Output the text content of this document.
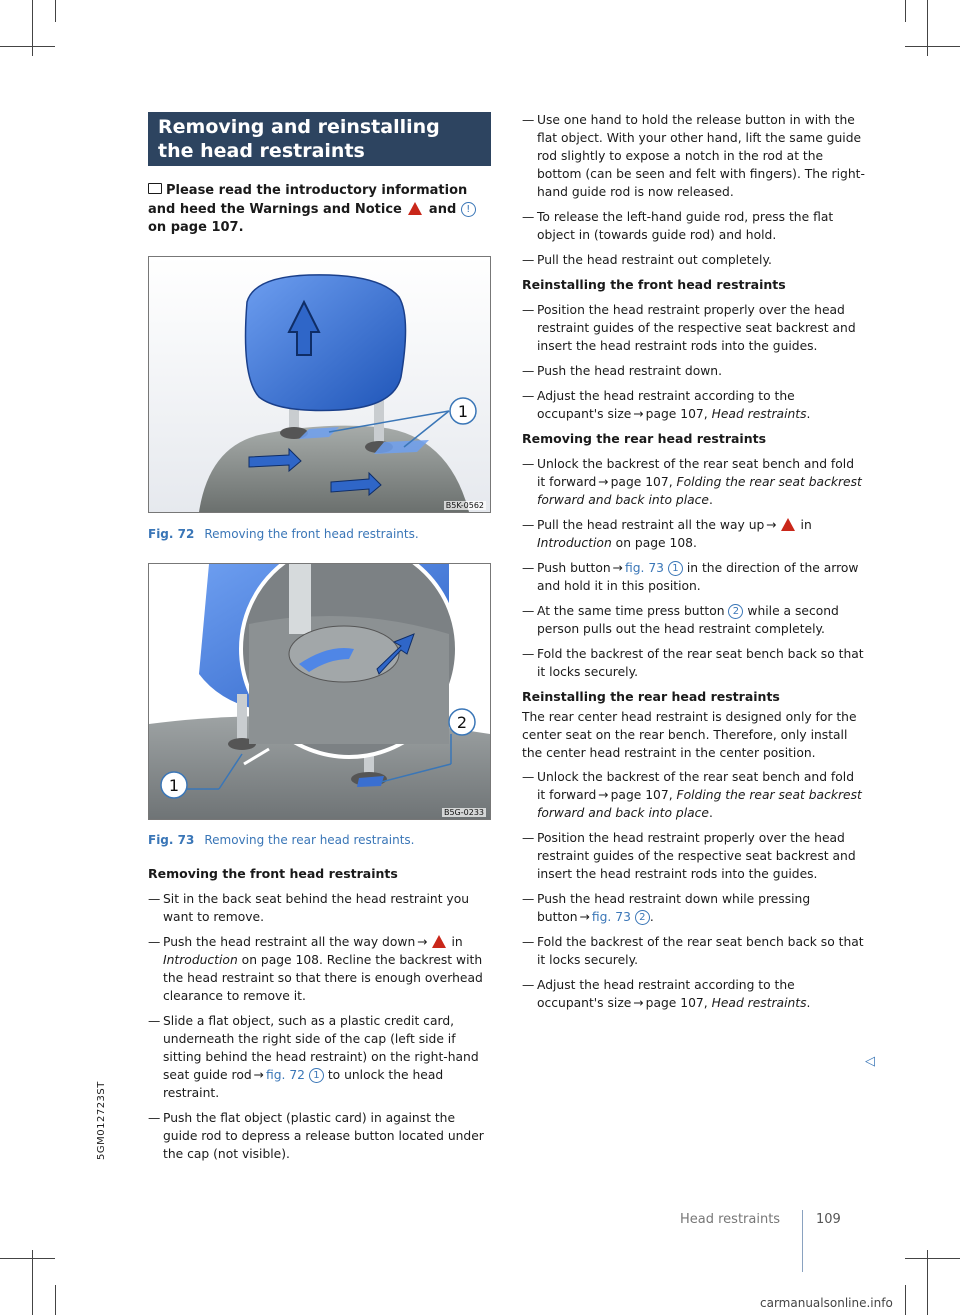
Removing and reinstalling the head restraints
Please read the introductory information and heed the Warnings and Notice and ! on page 107.
1
B5K-0562
Fig. 72 Removing the front head restraints.
1
2
B5G-0233
Fig. 73 Removing the rear head restraints.
Removing the front head restraints
— Sit in the back seat behind the head restraint you want to remove.
— Push the head restraint all the way down → in Introduction on page 108. Recline the backrest with the head restraint so that there is enough overhead clearance to remove it.
— Slide a flat object, such as a plastic credit card, underneath the right side of the cap (left side if sitting behind the head restraint) on the right-hand seat guide rod → fig. 72 1 to unlock the head restraint.
— Push the flat object (plastic card) in against the guide rod to depress a release button located under the cap (not visible).
— Use one hand to hold the release button in with the flat object. With your other hand, lift the same guide rod slightly to expose a notch in the rod at the bottom (can be seen and felt with fingers). The right-hand guide rod is now released.
— To release the left-hand guide rod, press the flat object in (towards guide rod) and hold.
— Pull the head restraint out completely.
Reinstalling the front head restraints
— Position the head restraint properly over the head restraint guides of the respective seat backrest and insert the head restraint rods into the guides.
— Push the head restraint down.
— Adjust the head restraint according to the occupant's size → page 107, Head restraints.
Removing the rear head restraints
— Unlock the backrest of the rear seat bench and fold it forward → page 107, Folding the rear seat backrest forward and back into place.
— Pull the head restraint all the way up → in Introduction on page 108.
— Push button → fig. 73 1 in the direction of the arrow and hold it in this position.
— At the same time press button 2 while a second person pulls out the head restraint completely.
— Fold the backrest of the rear seat bench back so that it locks securely.
Reinstalling the rear head restraints

The rear center head restraint is designed only for the center seat on the rear bench. Therefore, only install the center head restraint in the center position.

— Unlock the backrest of the rear seat bench and fold it forward → page 107, Folding the rear seat backrest forward and back into place.
— Position the head restraint properly over the head restraint guides of the respective seat backrest and insert the head restraint rods into the guides.
— Push the head restraint down while pressing button → fig. 73 2 .
— Fold the backrest of the rear seat bench back so that it locks securely.
— Adjust the head restraint according to the occupant's size → page 107, Head restraints.
◁
5GM012723ST
Head restraints	109
carmanualsonline.info
